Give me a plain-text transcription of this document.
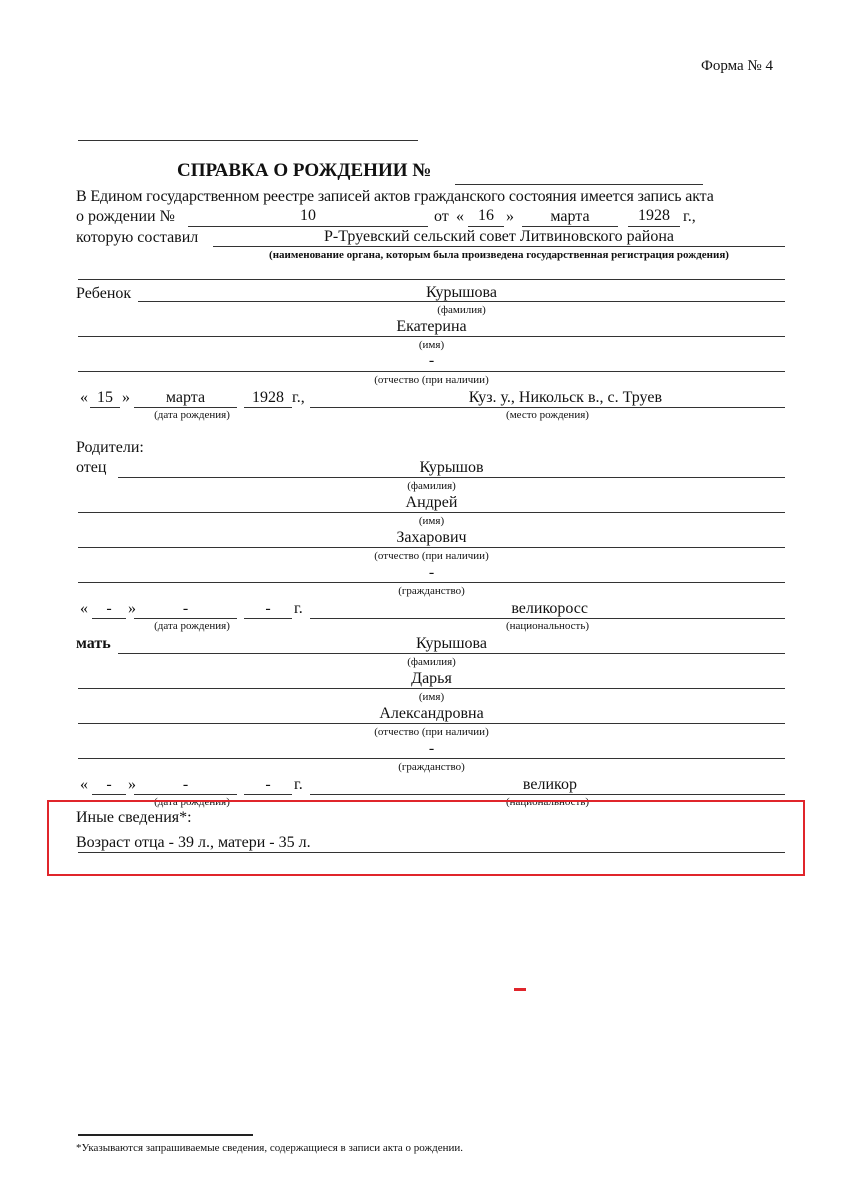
Форма № 4
СПРАВКА О РОЖДЕНИИ №
В Едином государственном реестре записей актов гражданского состояния имеется запись акта
о рождении №	10	от « 16 »	марта	1928 г.,
которую составил	Р-Труевский сельский совет Литвиновского района
(наименование органа, которым была произведена государственная регистрация рождения)
Ребенок	Курышова
(фамилия)
Екатерина
(имя)
-
(отчество (при наличии)
« 15 »	марта	1928 г.,
(дата рождения)
Куз. у., Никольск в., с. Труев
(место рождения)
Родители:
отец	Курышов
(фамилия)
Андрей
(имя)
Захарович
(отчество (при наличии)
-
(гражданство)
«	-	»	-	-	г.
(дата рождения)
великоросс
(национальность)
мать	Курышова
(фамилия)
Дарья
(имя)
Александровна
(отчество (при наличии)
-
(гражданство)
«	-	»	-	-	г.
(дата рождения)
великор
(национальность)
Иные сведения*:
Возраст отца - 39 л., матери - 35 л.
*Указываются запрашиваемые сведения, содержащиеся в записи акта о рождении.
